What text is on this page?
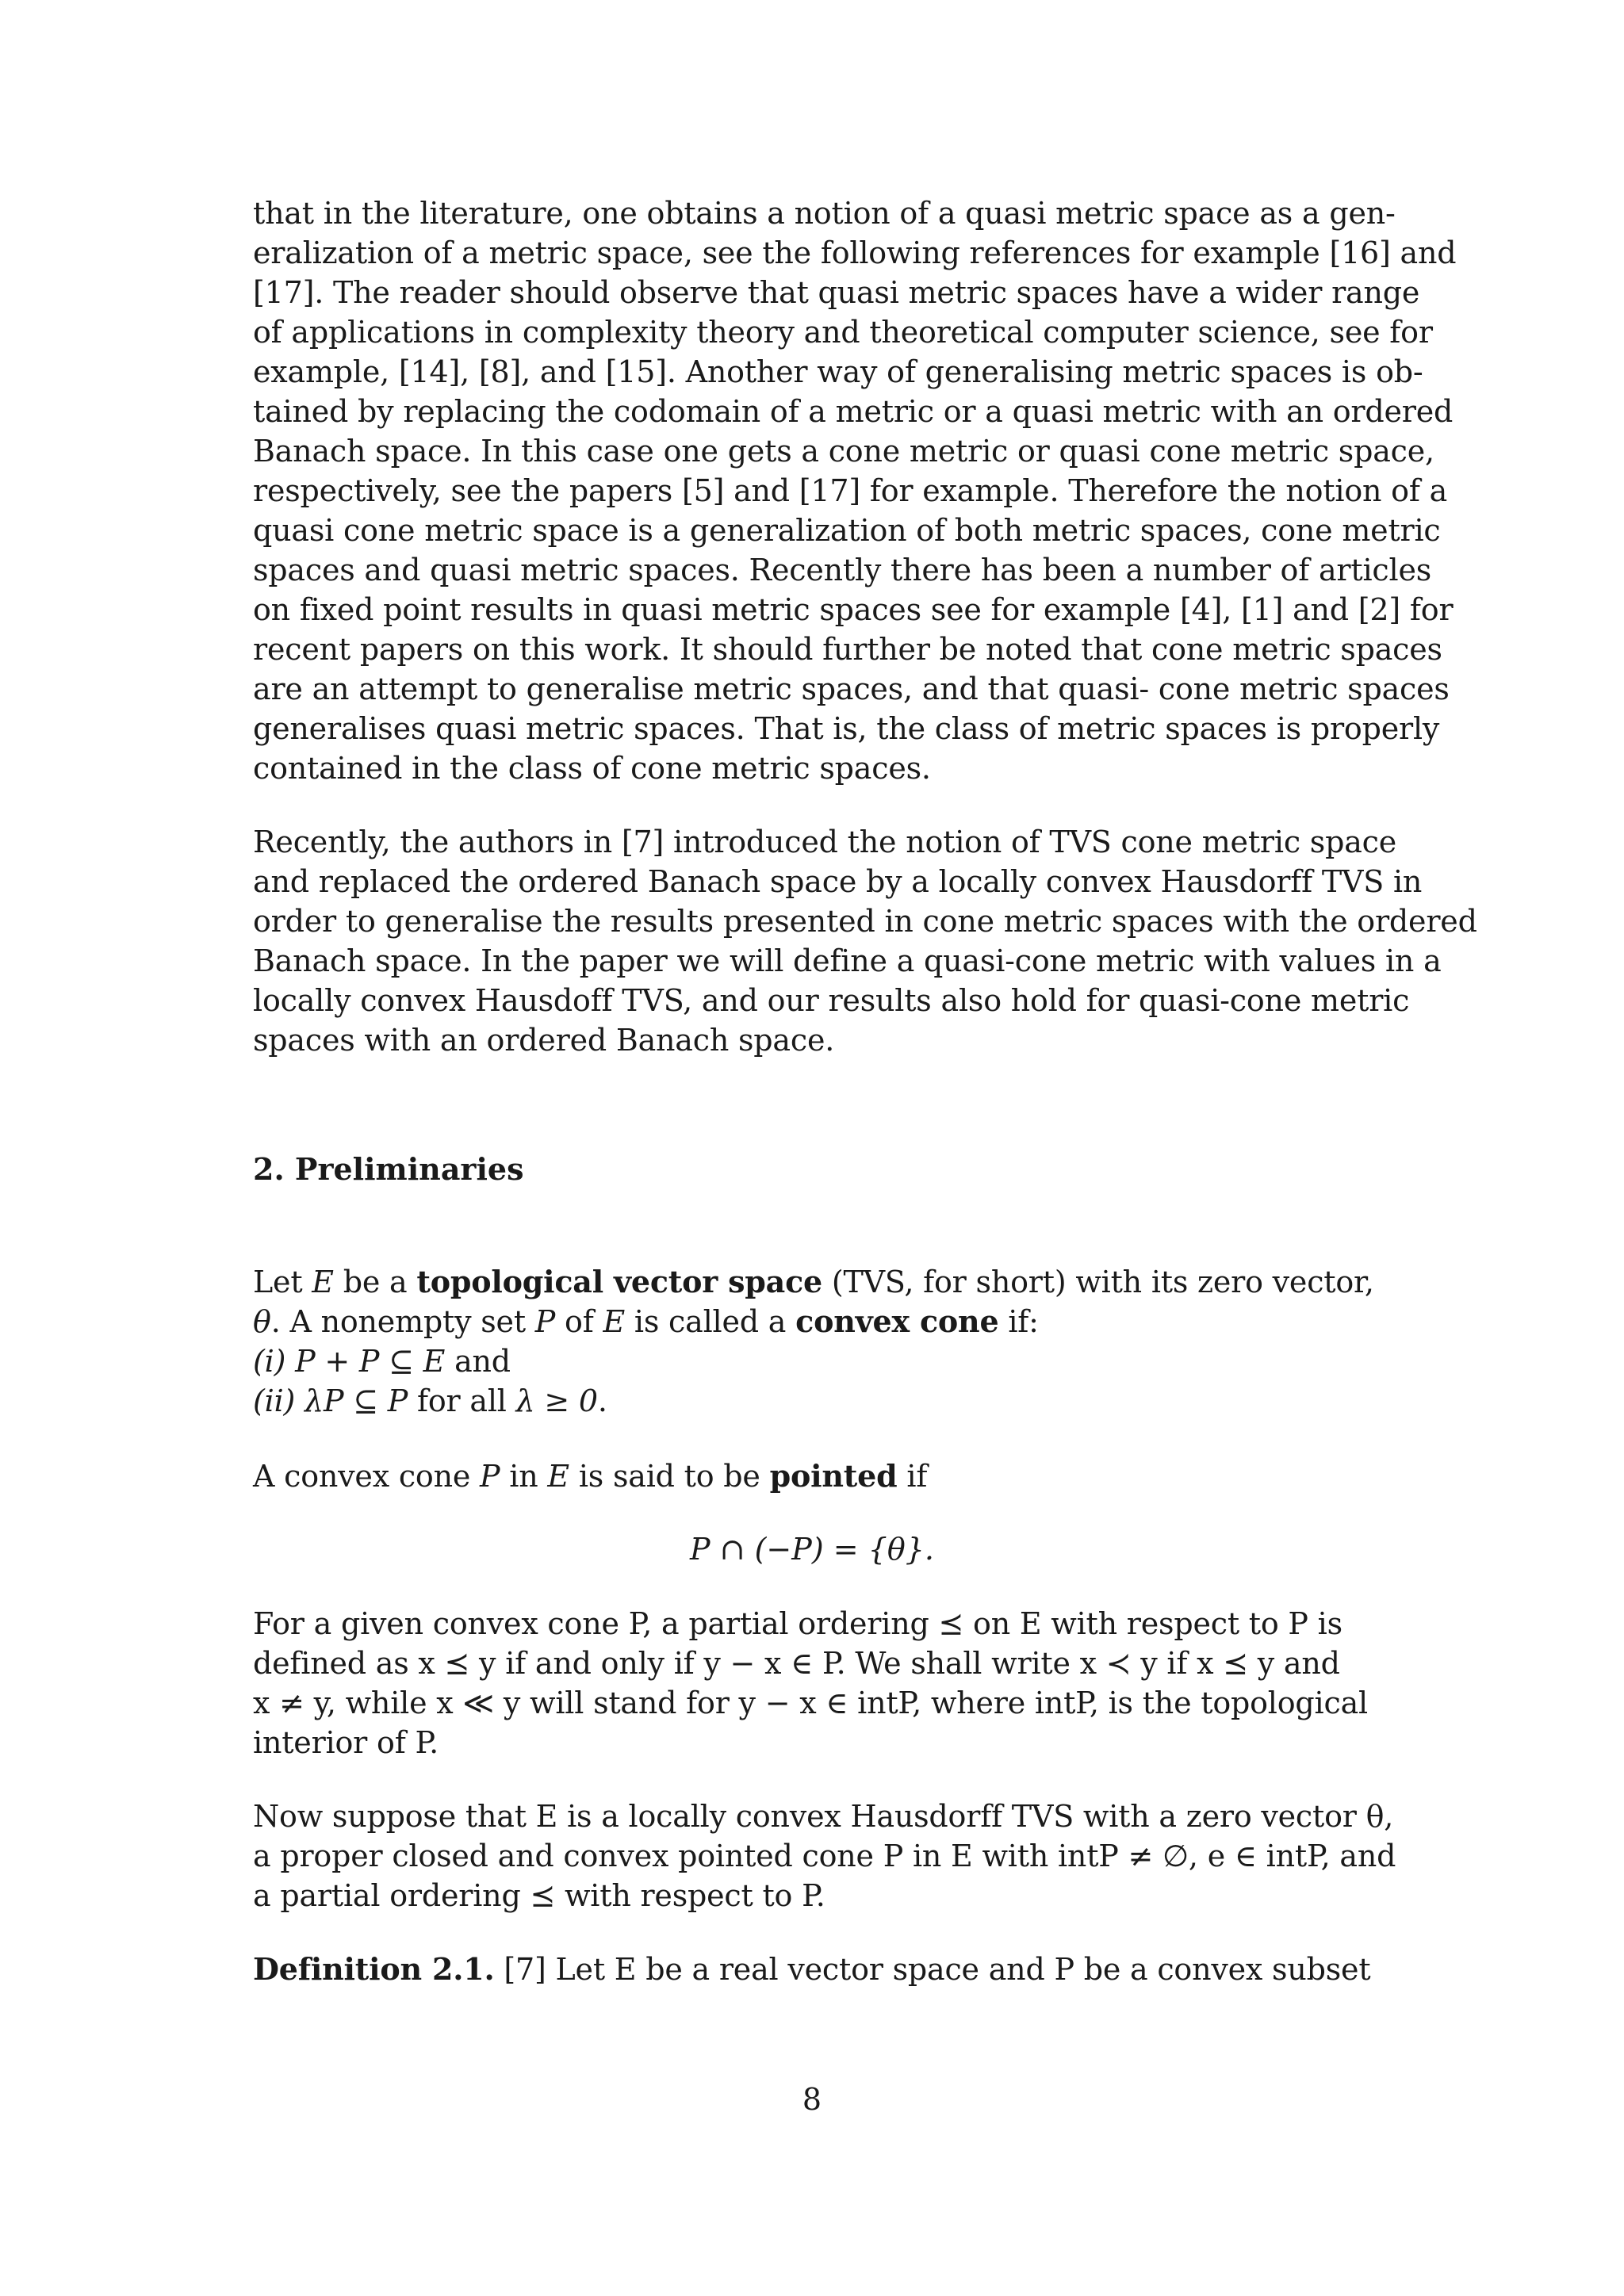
that in the literature, one obtains a notion of a quasi metric space as a gen-
eralization of a metric space, see the following references for example [16] and
[17]. The reader should observe that quasi metric spaces have a wider range
of applications in complexity theory and theoretical computer science, see for
example, [14], [8], and [15]. Another way of generalising metric spaces is ob-
tained by replacing the codomain of a metric or a quasi metric with an ordered
Banach space. In this case one gets a cone metric or quasi cone metric space,
respectively, see the papers [5] and [17] for example. Therefore the notion of a
quasi cone metric space is a generalization of both metric spaces, cone metric
spaces and quasi metric spaces. Recently there has been a number of articles
on fixed point results in quasi metric spaces see for example [4], [1] and [2] for
recent papers on this work. It should further be noted that cone metric spaces
are an attempt to generalise metric spaces, and that quasi- cone metric spaces
generalises quasi metric spaces. That is, the class of metric spaces is properly
contained in the class of cone metric spaces.

Recently, the authors in [7] introduced the notion of TVS cone metric space
and replaced the ordered Banach space by a locally convex Hausdorff TVS in
order to generalise the results presented in cone metric spaces with the ordered
Banach space. In the paper we will define a quasi-cone metric with values in a
locally convex Hausdoff TVS, and our results also hold for quasi-cone metric
spaces with an ordered Banach space.

2. Preliminaries

Let E be a topological vector space (TVS, for short) with its zero vector,
θ. A nonempty set P of E is called a convex cone if:
(i) P + P ⊆ E and
(ii) λP ⊆ P for all λ ≥ 0.

A convex cone P in E is said to be pointed if

P ∩ (−P) = {θ}.

For a given convex cone P, a partial ordering ⪯ on E with respect to P is
defined as x ⪯ y if and only if y − x ∈ P. We shall write x ≺ y if x ⪯ y and
x ≠ y, while x ≪ y will stand for y − x ∈ intP, where intP, is the topological
interior of P.

Now suppose that E is a locally convex Hausdorff TVS with a zero vector θ,
a proper closed and convex pointed cone P in E with intP ≠ ∅, e ∈ intP, and
a partial ordering ⪯ with respect to P.

Definition 2.1. [7] Let E be a real vector space and P be a convex subset

8
